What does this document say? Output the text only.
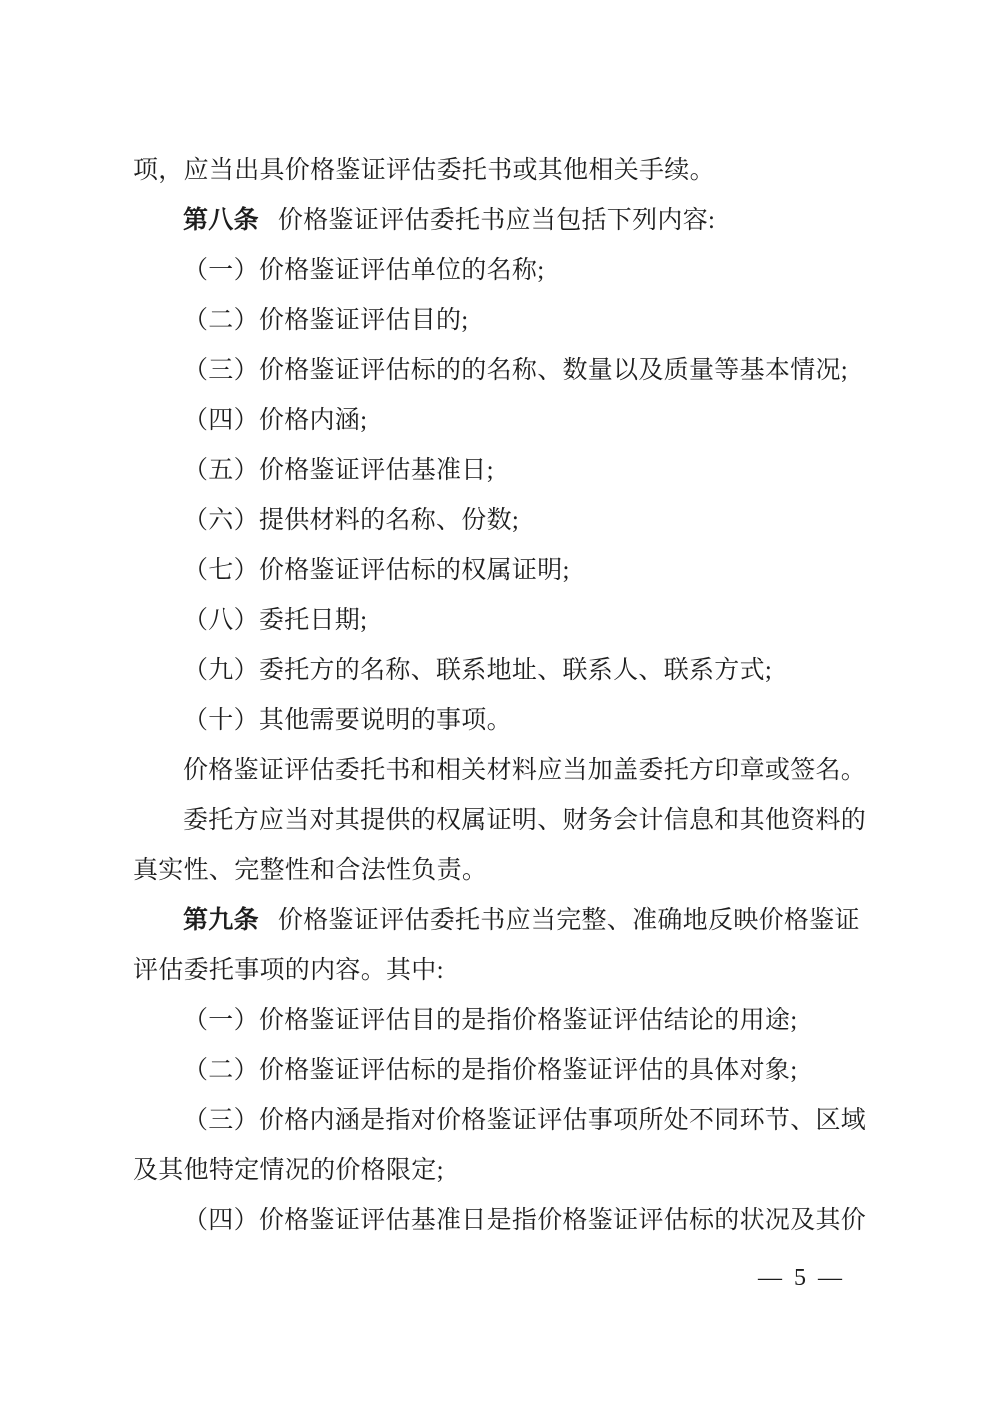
项，应当出具价格鉴证评估委托书或其他相关手续。
第八条 价格鉴证评估委托书应当包括下列内容:
（一）价格鉴证评估单位的名称;
（二）价格鉴证评估目的;
（三）价格鉴证评估标的的名称、数量以及质量等基本情况;
（四）价格内涵;
（五）价格鉴证评估基准日;
（六）提供材料的名称、份数;
（七）价格鉴证评估标的权属证明;
（八）委托日期;
（九）委托方的名称、联系地址、联系人、联系方式;
（十）其他需要说明的事项。
价格鉴证评估委托书和相关材料应当加盖委托方印章或签名。
委托方应当对其提供的权属证明、财务会计信息和其他资料的
真实性、完整性和合法性负责。
第九条 价格鉴证评估委托书应当完整、准确地反映价格鉴证
评估委托事项的内容。其中:
（一）价格鉴证评估目的是指价格鉴证评估结论的用途;
（二）价格鉴证评估标的是指价格鉴证评估的具体对象;
（三）价格内涵是指对价格鉴证评估事项所处不同环节、区域
及其他特定情况的价格限定;
（四）价格鉴证评估基准日是指价格鉴证评估标的状况及其价
— 5 —
